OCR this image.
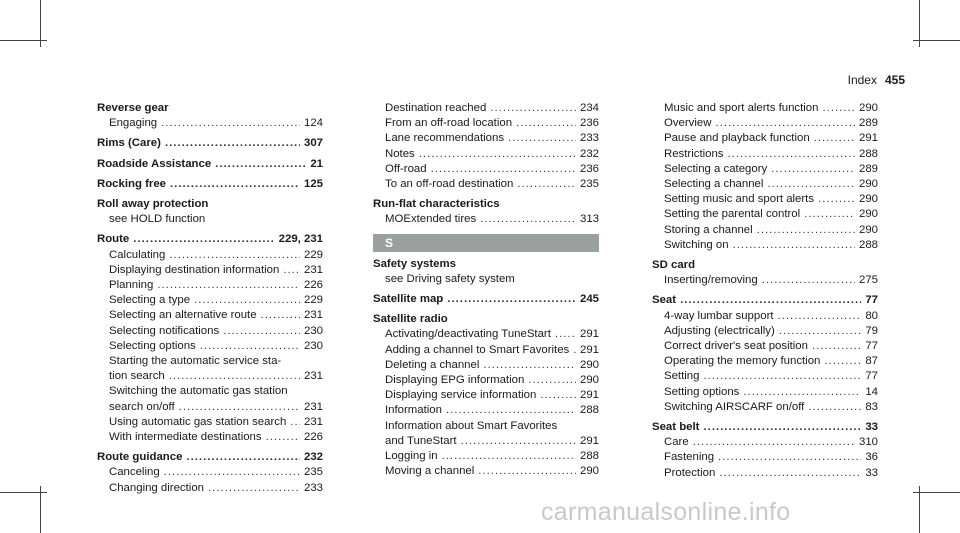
Index 455
Reverse gear
Engaging .....	124
Rims (Care) .....	307
Roadside Assistance .....	21
Rocking free .....	125
Roll away protection
see HOLD function
Route .....	229, 231
Calculating .....	229
Displaying destination information ..... 231
Planning .....	226
Selecting a type .....	229
Selecting an alternative route .....	231
Selecting notifications .....	230
Selecting options .....	230
Starting the automatic service sta-
tion search .....	231
Switching the automatic gas station
search on/off .....	231
Using automatic gas station search ..... 231
With intermediate destinations .....	226
Route guidance .....	232
Canceling .....	235
Changing direction .....	233
Destination reached .....	234
From an off-road location .....	236
Lane recommendations .....	233
Notes .....	232
Off-road .....	236
To an off-road destination .....	235
Run-flat characteristics
MOExtended tires .....	313
S
Safety systems
see Driving safety system
Satellite map .....	245
Satellite radio
Activating/deactivating TuneStart .....	291
Adding a channel to Smart Favorites ..... 291
Deleting a channel .....	290
Displaying EPG information .....	290
Displaying service information .....	291
Information .....	288
Information about Smart Favorites
and TuneStart .....	291
Logging in .....	288
Moving a channel .....	290
Music and sport alerts function .....	290
Overview .....	289
Pause and playback function .....	291
Restrictions .....	288
Selecting a category .....	289
Selecting a channel .....	290
Setting music and sport alerts .....	290
Setting the parental control .....	290
Storing a channel .....	290
Switching on .....	288
SD card
Inserting/removing .....	275
Seat .....	77
4-way lumbar support .....	80
Adjusting (electrically) .....	79
Correct driver's seat position .....	77
Operating the memory function .....	87
Setting .....	77
Setting options .....	14
Switching AIRSCARF on/off .....	83
Seat belt .....	33
Care .....	310
Fastening .....	36
Protection .....	33
carmanualsonline.info
